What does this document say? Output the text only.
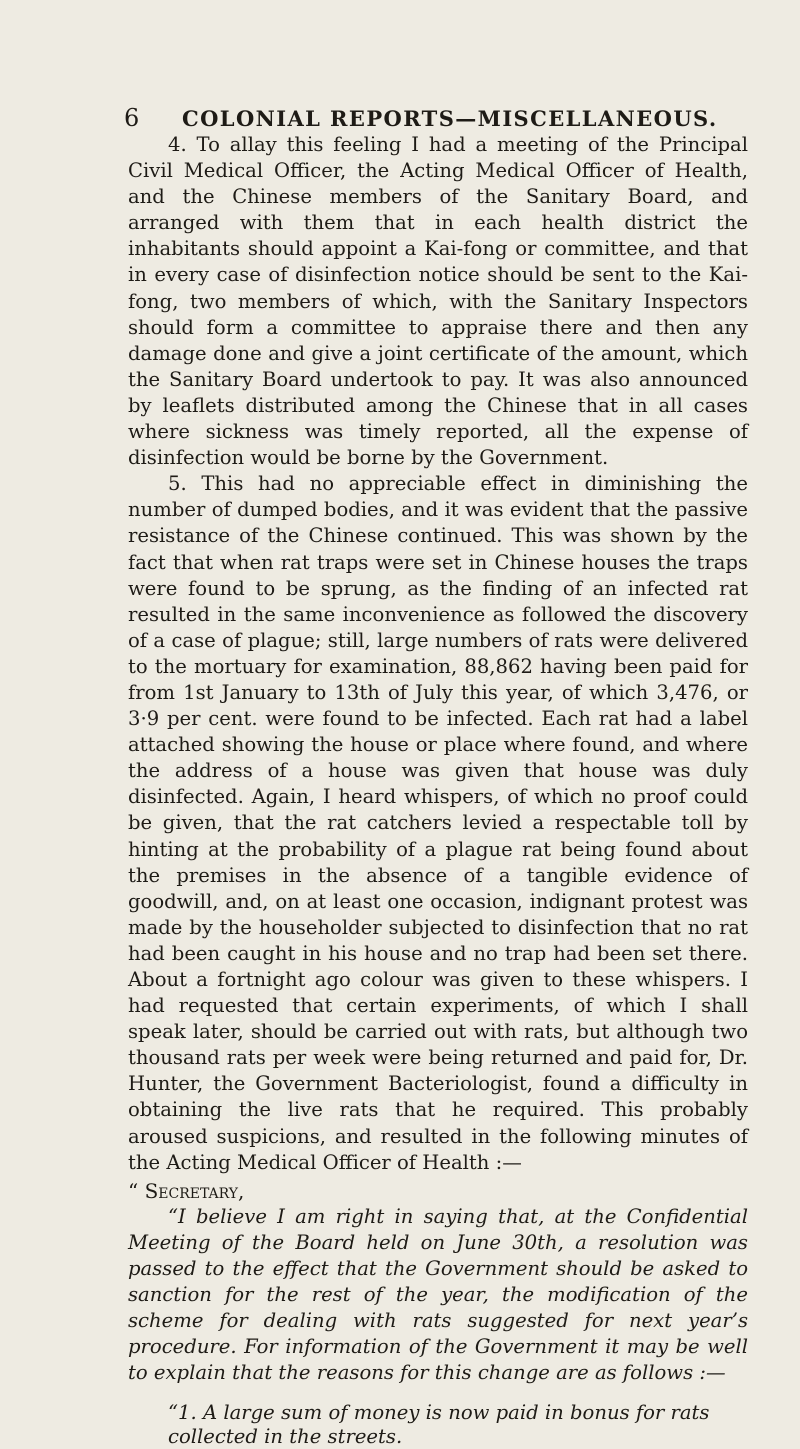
6 COLONIAL REPORTS—MISCELLANEOUS.

4. To allay this feeling I had a meeting of the Principal Civil Medical Officer, the Acting Medical Officer of Health, and the Chinese members of the Sanitary Board, and arranged with them that in each health district the inhabitants should appoint a Kai-fong or committee, and that in every case of disinfection notice should be sent to the Kai-fong, two members of which, with the Sanitary Inspectors should form a committee to appraise there and then any damage done and give a joint certificate of the amount, which the Sanitary Board undertook to pay. It was also announced by leaflets distributed among the Chinese that in all cases where sickness was timely reported, all the expense of disinfection would be borne by the Government.

5. This had no appreciable effect in diminishing the number of dumped bodies, and it was evident that the passive resistance of the Chinese continued. This was shown by the fact that when rat traps were set in Chinese houses the traps were found to be sprung, as the finding of an infected rat resulted in the same inconvenience as followed the discovery of a case of plague; still, large numbers of rats were delivered to the mortuary for examination, 88,862 having been paid for from 1st January to 13th of July this year, of which 3,476, or 3·9 per cent. were found to be infected. Each rat had a label attached showing the house or place where found, and where the address of a house was given that house was duly disinfected. Again, I heard whispers, of which no proof could be given, that the rat catchers levied a respectable toll by hinting at the probability of a plague rat being found about the premises in the absence of a tangible evidence of goodwill, and, on at least one occasion, indignant protest was made by the householder subjected to disinfection that no rat had been caught in his house and no trap had been set there. About a fortnight ago colour was given to these whispers. I had requested that certain experiments, of which I shall speak later, should be carried out with rats, but although two thousand rats per week were being returned and paid for, Dr. Hunter, the Government Bacteriologist, found a difficulty in obtaining the live rats that he required. This probably aroused suspicions, and resulted in the following minutes of the Acting Medical Officer of Health :—

“ Secretary,

“I believe I am right in saying that, at the Confidential Meeting of the Board held on June 30th, a resolution was passed to the effect that the Government should be asked to sanction for the rest of the year, the modification of the scheme for dealing with rats suggested for next year’s procedure. For information of the Government it may be well to explain that the reasons for this change are as follows :—

“1. A large sum of money is now paid in bonus for rats
collected in the streets.
